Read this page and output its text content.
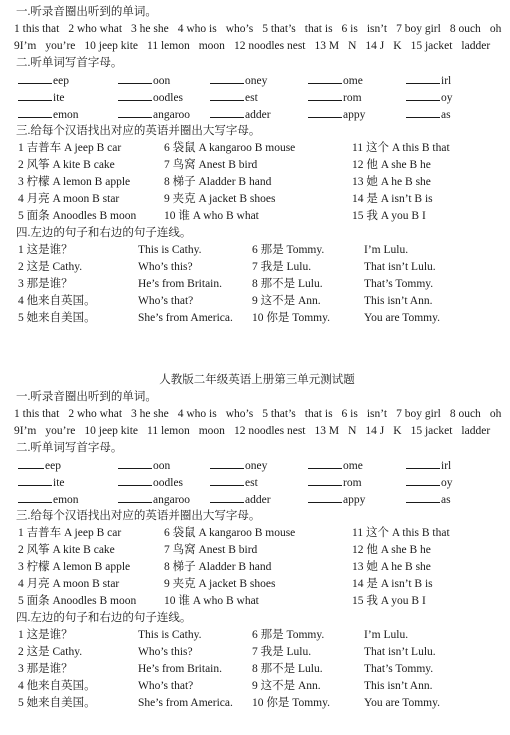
一.听录音圈出听到的单词。
1 this that 2 who what 3 he she 4 who is who’s 5 that’s that is 6 is isn’t 7 boy girl 8 ouch oh
9I’m you’re 10 jeep kite 11 lemon moon 12 noodles nest 13 M N 14 J K 15 jacket ladder
二.听单词写首字母。
eep	oon	oney	ome	irl
ite	oodles	est	rom	oy
emon	angaroo	adder	appy	as
三.给每个汉语找出对应的英语并圈出大写字母。
1 吉普车 A jeep B car	6 袋鼠 A kangaroo B mouse	11 这个 A this B that
2 风筝 A kite B cake	7 鸟窝 Anest B bird	12 他 A she B he
3 柠檬 A lemon B apple	8 梯子 Aladder B hand	13 她 A he B she
4 月亮 A moon B star	9 夹克 A jacket B shoes	14 是 A isn’t B is
5 面条 Anoodles B moon 10 谁 A who B what	15 我 A you B I
四.左边的句子和右边的句子连线。
1 这是谁？	This is Cathy.	6 那是 Tommy.	I’m Lulu.
2 这是 Cathy.	Who’s this?	7 我是 Lulu.	That isn’t Lulu.
3 那是谁？	He’s from Britain.	8 那不是 Lulu.	That’s Tommy.
4 他来自英国。	Who’s that?	9 这不是 Ann.	This isn’t Ann.
5 她来自美国。	She’s from America. 10 你是 Tommy.	You are Tommy.
人教版二年级英语上册第三单元测试题
一.听录音圈出听到的单词。
1 this that 2 who what 3 he she 4 who is who’s 5 that’s that is 6 is isn’t 7 boy girl 8 ouch oh
9I’m you’re 10 jeep kite 11 lemon moon 12 noodles nest 13 M N 14 J K 15 jacket ladder
二.听单词写首字母。
eep	oon	oney	ome	irl
ite	oodles	est	rom	oy
emon	angaroo	adder	appy	as
三.给每个汉语找出对应的英语并圈出大写字母。
1 吉普车 A jeep B car	6 袋鼠 A kangaroo B mouse	11 这个 A this B that
2 风筝 A kite B cake	7 鸟窝 Anest B bird	12 他 A she B he
3 柠檬 A lemon B apple	8 梯子 Aladder B hand	13 她 A he B she
4 月亮 A moon B star	9 夹克 A jacket B shoes	14 是 A isn’t B is
5 面条 Anoodles B moon 10 谁 A who B what	15 我 A you B I
四.左边的句子和右边的句子连线。
1 这是谁？	This is Cathy.	6 那是 Tommy.	I’m Lulu.
2 这是 Cathy.	Who’s this?	7 我是 Lulu.	That isn’t Lulu.
3 那是谁？	He’s from Britain.	8 那不是 Lulu.	That’s Tommy.
4 他来自英国。	Who’s that?	9 这不是 Ann.	This isn’t Ann.
5 她来自美国。	She’s from America. 10 你是 Tommy.	You are Tommy.
